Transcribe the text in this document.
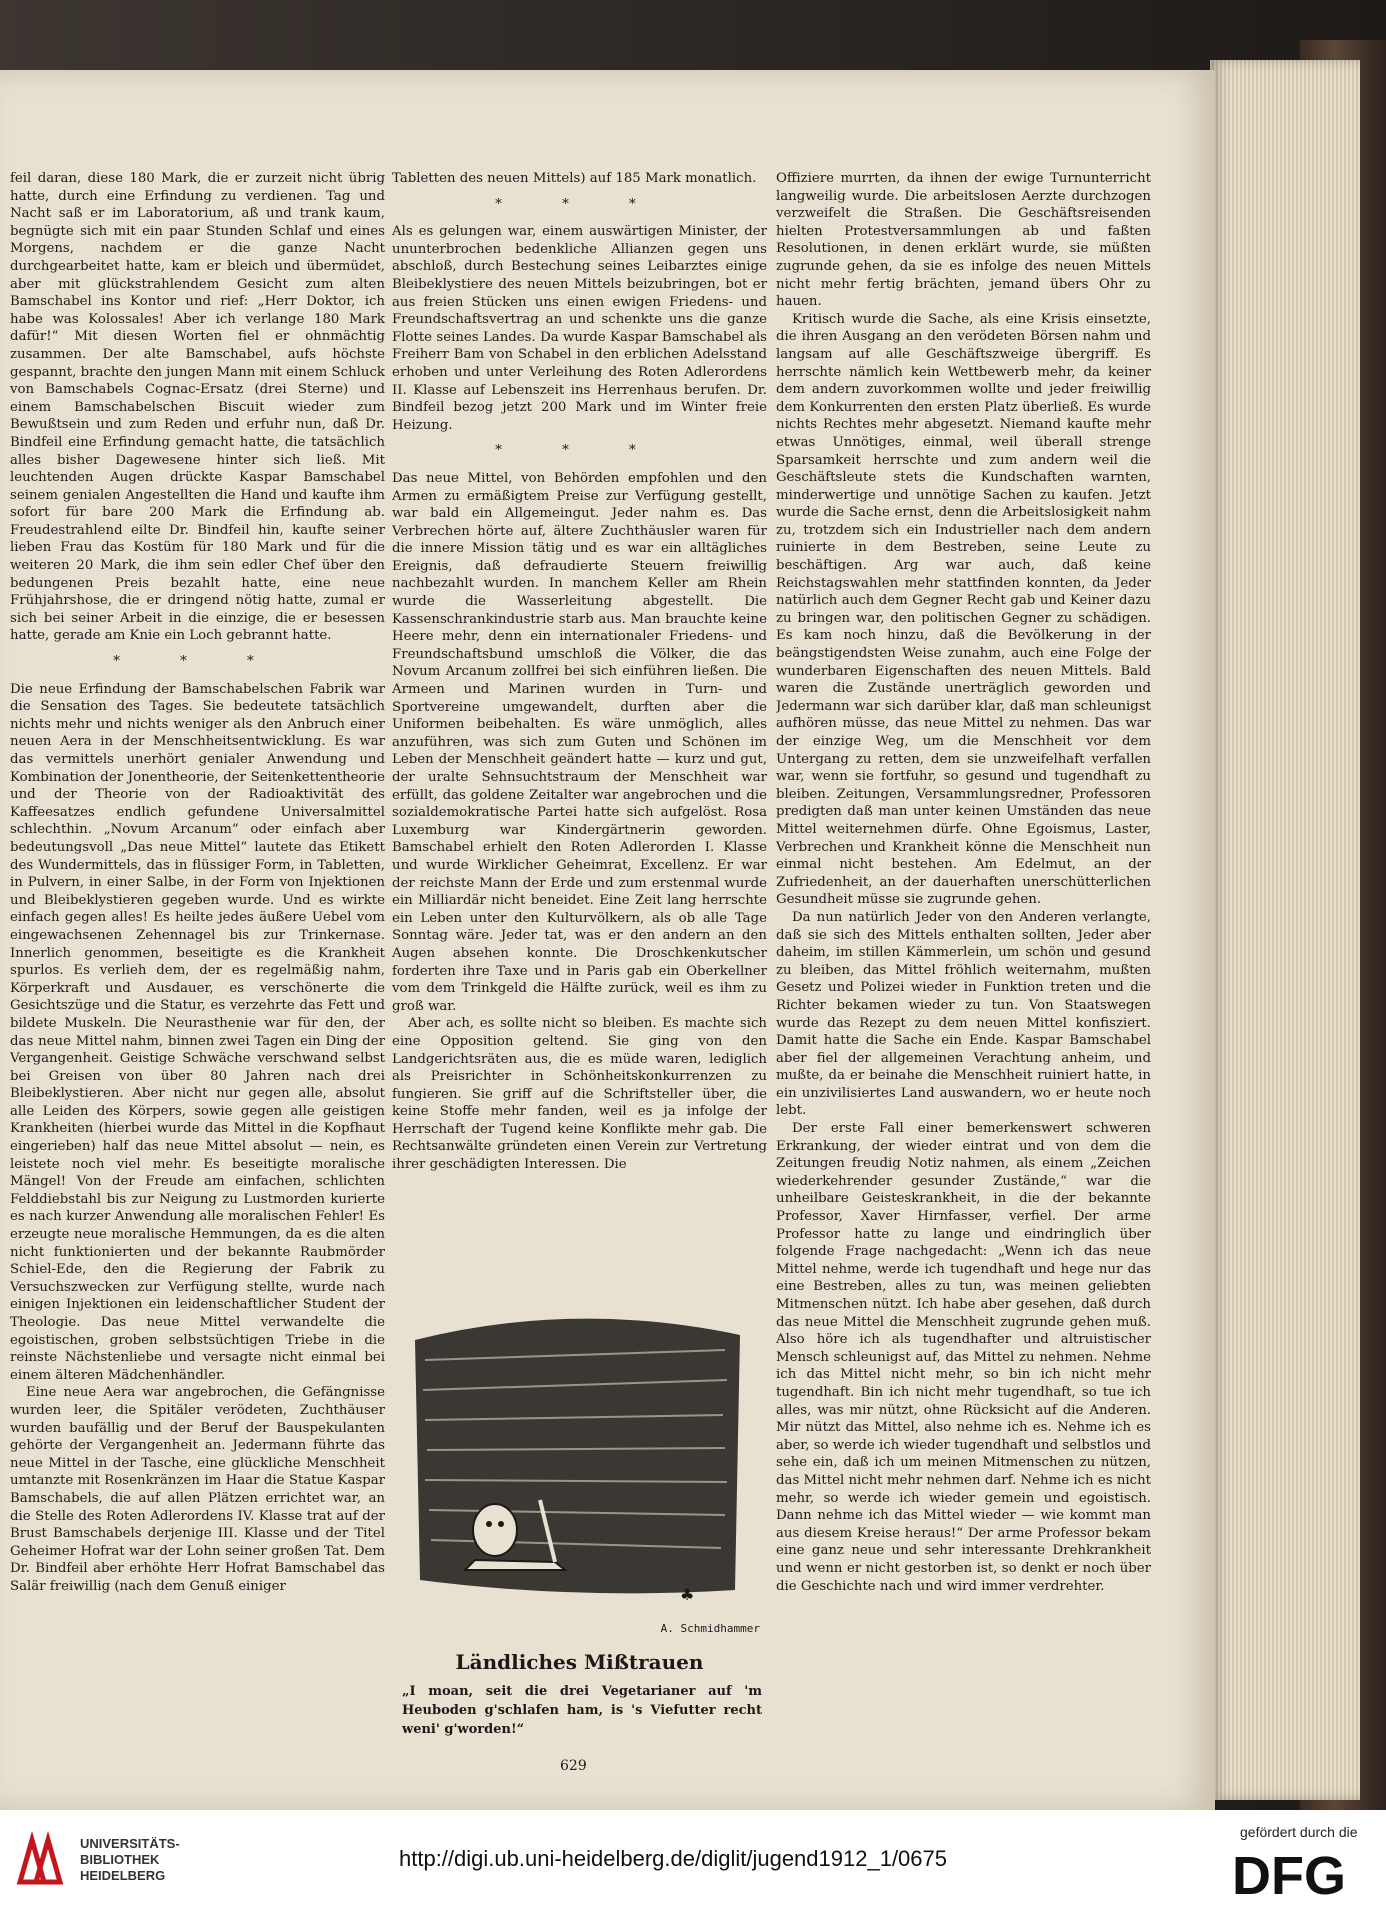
feil daran, diese 180 Mark, die er zurzeit nicht übrig hatte, durch eine Erfindung zu verdienen. Tag und Nacht saß er im Laboratorium, aß und trank kaum, begnügte sich mit ein paar Stunden Schlaf und eines Morgens, nachdem er die ganze Nacht durchgearbeitet hatte, kam er bleich und übermüdet, aber mit glückstrahlendem Gesicht zum alten Bamschabel ins Kontor und rief: „Herr Doktor, ich habe was Kolossales! Aber ich verlange 180 Mark dafür!“ Mit diesen Worten fiel er ohnmächtig zusammen. Der alte Bamschabel, aufs höchste gespannt, brachte den jungen Mann mit einem Schluck von Bamschabels Cognac-Ersatz (drei Sterne) und einem Bamschabelschen Biscuit wieder zum Bewußtsein und zum Reden und erfuhr nun, daß Dr. Bindfeil eine Erfindung gemacht hatte, die tatsächlich alles bisher Dagewesene hinter sich ließ. Mit leuchtenden Augen drückte Kaspar Bamschabel seinem genialen Angestellten die Hand und kaufte ihm sofort für bare 200 Mark die Erfindung ab. Freudestrahlend eilte Dr. Bindfeil hin, kaufte seiner lieben Frau das Kostüm für 180 Mark und für die weiteren 20 Mark, die ihm sein edler Chef über den bedungenen Preis bezahlt hatte, eine neue Frühjahrshose, die er dringend nötig hatte, zumal er sich bei seiner Arbeit in die einzige, die er besessen hatte, gerade am Knie ein Loch gebrannt hatte.

* * *

Die neue Erfindung der Bamschabelschen Fabrik war die Sensation des Tages. Sie bedeutete tatsächlich nichts mehr und nichts weniger als den Anbruch einer neuen Aera in der Menschheitsentwicklung. Es war das vermittels unerhört genialer Anwendung und Kombination der Jonentheorie, der Seitenkettentheorie und der Theorie von der Radioaktivität des Kaffeesatzes endlich gefundene Universalmittel schlechthin. „Novum Arcanum“ oder einfach aber bedeutungsvoll „Das neue Mittel“ lautete das Etikett des Wundermittels, das in flüssiger Form, in Tabletten, in Pulvern, in einer Salbe, in der Form von Injektionen und Bleibeklystieren gegeben wurde. Und es wirkte einfach gegen alles! Es heilte jedes äußere Uebel vom eingewachsenen Zehennagel bis zur Trinkernase. Innerlich genommen, beseitigte es die Krankheit spurlos. Es verlieh dem, der es regelmäßig nahm, Körperkraft und Ausdauer, es verschönerte die Gesichtszüge und die Statur, es verzehrte das Fett und bildete Muskeln. Die Neurasthenie war für den, der das neue Mittel nahm, binnen zwei Tagen ein Ding der Vergangenheit. Geistige Schwäche verschwand selbst bei Greisen von über 80 Jahren nach drei Bleibeklystieren. Aber nicht nur gegen alle, absolut alle Leiden des Körpers, sowie gegen alle geistigen Krankheiten (hierbei wurde das Mittel in die Kopfhaut eingerieben) half das neue Mittel absolut — nein, es leistete noch viel mehr. Es beseitigte moralische Mängel! Von der Freude am einfachen, schlichten Felddiebstahl bis zur Neigung zu Lustmorden kurierte es nach kurzer Anwendung alle moralischen Fehler! Es erzeugte neue moralische Hemmungen, da es die alten nicht funktionierten und der bekannte Raubmörder Schiel-Ede, den die Regierung der Fabrik zu Versuchszwecken zur Verfügung stellte, wurde nach einigen Injektionen ein leidenschaftlicher Student der Theologie. Das neue Mittel verwandelte die egoistischen, groben selbstsüchtigen Triebe in die reinste Nächstenliebe und versagte nicht einmal bei einem älteren Mädchenhändler.

Eine neue Aera war angebrochen, die Gefängnisse wurden leer, die Spitäler verödeten, Zuchthäuser wurden baufällig und der Beruf der Bauspekulanten gehörte der Vergangenheit an. Jedermann führte das neue Mittel in der Tasche, eine glückliche Menschheit umtanzte mit Rosenkränzen im Haar die Statue Kaspar Bamschabels, die auf allen Plätzen errichtet war, an die Stelle des Roten Adlerordens IV. Klasse trat auf der Brust Bamschabels derjenige III. Klasse und der Titel Geheimer Hofrat war der Lohn seiner großen Tat. Dem Dr. Bindfeil aber erhöhte Herr Hofrat Bamschabel das Salär freiwillig (nach dem Genuß einiger

Tabletten des neuen Mittels) auf 185 Mark monatlich.

* * *

Als es gelungen war, einem auswärtigen Minister, der ununterbrochen bedenkliche Allianzen gegen uns abschloß, durch Bestechung seines Leibarztes einige Bleibeklystiere des neuen Mittels beizubringen, bot er aus freien Stücken uns einen ewigen Friedens- und Freundschaftsvertrag an und schenkte uns die ganze Flotte seines Landes. Da wurde Kaspar Bamschabel als Freiherr Bam von Schabel in den erblichen Adelsstand erhoben und unter Verleihung des Roten Adlerordens II. Klasse auf Lebenszeit ins Herrenhaus berufen. Dr. Bindfeil bezog jetzt 200 Mark und im Winter freie Heizung.

* * *

Das neue Mittel, von Behörden empfohlen und den Armen zu ermäßigtem Preise zur Verfügung gestellt, war bald ein Allgemeingut. Jeder nahm es. Das Verbrechen hörte auf, ältere Zuchthäusler waren für die innere Mission tätig und es war ein alltägliches Ereignis, daß defraudierte Steuern freiwillig nachbezahlt wurden. In manchem Keller am Rhein wurde die Wasserleitung abgestellt. Die Kassenschrankindustrie starb aus. Man brauchte keine Heere mehr, denn ein internationaler Friedens- und Freundschaftsbund umschloß die Völker, die das Novum Arcanum zollfrei bei sich einführen ließen. Die Armeen und Marinen wurden in Turn- und Sportvereine umgewandelt, durften aber die Uniformen beibehalten. Es wäre unmöglich, alles anzuführen, was sich zum Guten und Schönen im Leben der Menschheit geändert hatte — kurz und gut, der uralte Sehnsuchtstraum der Menschheit war erfüllt, das goldene Zeitalter war angebrochen und die sozialdemokratische Partei hatte sich aufgelöst. Rosa Luxemburg war Kindergärtnerin geworden. Bamschabel erhielt den Roten Adlerorden I. Klasse und wurde Wirklicher Geheimrat, Excellenz. Er war der reichste Mann der Erde und zum erstenmal wurde ein Milliardär nicht beneidet. Eine Zeit lang herrschte ein Leben unter den Kulturvölkern, als ob alle Tage Sonntag wäre. Jeder tat, was er den andern an den Augen absehen konnte. Die Droschkenkutscher forderten ihre Taxe und in Paris gab ein Oberkellner vom dem Trinkgeld die Hälfte zurück, weil es ihm zu groß war.

Aber ach, es sollte nicht so bleiben. Es machte sich eine Opposition geltend. Sie ging von den Landgerichtsräten aus, die es müde waren, lediglich als Preisrichter in Schönheitskonkurrenzen zu fungieren. Sie griff auf die Schriftsteller über, die keine Stoffe mehr fanden, weil es ja infolge der Herrschaft der Tugend keine Konflikte mehr gab. Die Rechtsanwälte gründeten einen Verein zur Vertretung ihrer geschädigten Interessen. Die

Offiziere murrten, da ihnen der ewige Turnunterricht langweilig wurde. Die arbeitslosen Aerzte durchzogen verzweifelt die Straßen. Die Geschäftsreisenden hielten Protestversammlungen ab und faßten Resolutionen, in denen erklärt wurde, sie müßten zugrunde gehen, da sie es infolge des neuen Mittels nicht mehr fertig brächten, jemand übers Ohr zu hauen.

Kritisch wurde die Sache, als eine Krisis einsetzte, die ihren Ausgang an den verödeten Börsen nahm und langsam auf alle Geschäftszweige übergriff. Es herrschte nämlich kein Wettbewerb mehr, da keiner dem andern zuvorkommen wollte und jeder freiwillig dem Konkurrenten den ersten Platz überließ. Es wurde nichts Rechtes mehr abgesetzt. Niemand kaufte mehr etwas Unnötiges, einmal, weil überall strenge Sparsamkeit herrschte und zum andern weil die Geschäftsleute stets die Kundschaften warnten, minderwertige und unnötige Sachen zu kaufen. Jetzt wurde die Sache ernst, denn die Arbeitslosigkeit nahm zu, trotzdem sich ein Industrieller nach dem andern ruinierte in dem Bestreben, seine Leute zu beschäftigen. Arg war auch, daß keine Reichstagswahlen mehr stattfinden konnten, da Jeder natürlich auch dem Gegner Recht gab und Keiner dazu zu bringen war, den politischen Gegner zu schädigen. Es kam noch hinzu, daß die Bevölkerung in der beängstigendsten Weise zunahm, auch eine Folge der wunderbaren Eigenschaften des neuen Mittels. Bald waren die Zustände unerträglich geworden und Jedermann war sich darüber klar, daß man schleunigst aufhören müsse, das neue Mittel zu nehmen. Das war der einzige Weg, um die Menschheit vor dem Untergang zu retten, dem sie unzweifelhaft verfallen war, wenn sie fortfuhr, so gesund und tugendhaft zu bleiben. Zeitungen, Versammlungsredner, Professoren predigten daß man unter keinen Umständen das neue Mittel weiternehmen dürfe. Ohne Egoismus, Laster, Verbrechen und Krankheit könne die Menschheit nun einmal nicht bestehen. Am Edelmut, an der Zufriedenheit, an der dauerhaften unerschütterlichen Gesundheit müsse sie zugrunde gehen.

Da nun natürlich Jeder von den Anderen verlangte, daß sie sich des Mittels enthalten sollten, Jeder aber daheim, im stillen Kämmerlein, um schön und gesund zu bleiben, das Mittel fröhlich weiternahm, mußten Gesetz und Polizei wieder in Funktion treten und die Richter bekamen wieder zu tun. Von Staatswegen wurde das Rezept zu dem neuen Mittel konfisziert. Damit hatte die Sache ein Ende. Kaspar Bamschabel aber fiel der allgemeinen Verachtung anheim, und mußte, da er beinahe die Menschheit ruiniert hatte, in ein unzivilisiertes Land auswandern, wo er heute noch lebt.

Der erste Fall einer bemerkenswert schweren Erkrankung, der wieder eintrat und von dem die Zeitungen freudig Notiz nahmen, als einem „Zeichen wiederkehrender gesunder Zustände,“ war die unheilbare Geisteskrankheit, in die der bekannte Professor, Xaver Hirnfasser, verfiel. Der arme Professor hatte zu lange und eindringlich über folgende Frage nachgedacht: „Wenn ich das neue Mittel nehme, werde ich tugendhaft und hege nur das eine Bestreben, alles zu tun, was meinen geliebten Mitmenschen nützt. Ich habe aber gesehen, daß durch das neue Mittel die Menschheit zugrunde gehen muß. Also höre ich als tugendhafter und altruistischer Mensch schleunigst auf, das Mittel zu nehmen. Nehme ich das Mittel nicht mehr, so bin ich nicht mehr tugendhaft. Bin ich nicht mehr tugendhaft, so tue ich alles, was mir nützt, ohne Rücksicht auf die Anderen. Mir nützt das Mittel, also nehme ich es. Nehme ich es aber, so werde ich wieder tugendhaft und selbstlos und sehe ein, daß ich um meinen Mitmenschen zu nützen, das Mittel nicht mehr nehmen darf. Nehme ich es nicht mehr, so werde ich wieder gemein und egoistisch. Dann nehme ich das Mittel wieder — wie kommt man aus diesem Kreise heraus!“ Der arme Professor bekam eine ganz neue und sehr interessante Drehkrankheit und wenn er nicht gestorben ist, so denkt er noch über die Geschichte nach und wird immer verdrehter.

♣
A. Schmidhammer
Ländliches Mißtrauen
„I moan, seit die drei Vegetarianer auf 'm Heuboden g'schlafen ham, is 's Viefutter recht weni' g'worden!“
629
UNIVERSITÄTS-
BIBLIOTHEK
HEIDELBERG
http://digi.ub.uni-heidelberg.de/diglit/jugend1912_1/0675
gefördert durch die
DFG
